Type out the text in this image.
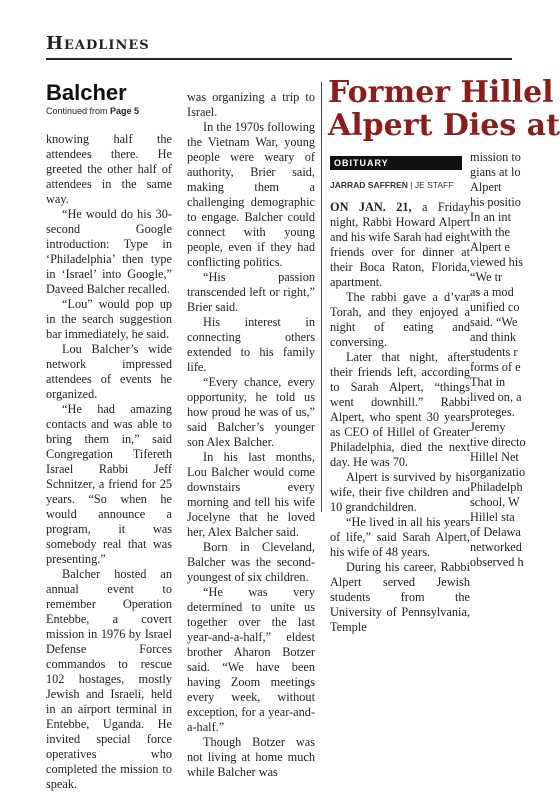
Headlines
Balcher
Continued from Page 5

knowing half the attendees there. He greeted the other half of attendees in the same way.

“He would do his 30-second Google introduction: Type in ‘Philadelphia’ then type in ‘Israel’ into Google,” Daveed Balcher recalled.

“Lou” would pop up in the search suggestion bar immediately, he said.

Lou Balcher’s wide network impressed attendees of events he organized.

“He had amazing contacts and was able to bring them in,” said Congregation Tifereth Israel Rabbi Jeff Schnitzer, a friend for 25 years. “So when he would announce a program, it was somebody real that was presenting.”

Balcher hosted an annual event to remember Operation Entebbe, a covert mission in 1976 by Israel Defense Forces commandos to rescue 102 hostages, mostly Jewish and Israeli, held in an airport terminal in Entebbe, Uganda. He invited special force operatives who completed the mission to speak.

was organizing a trip to Israel.

In the 1970s following the Vietnam War, young people were weary of authority, Brier said, making them a challenging demographic to engage. Balcher could connect with young people, even if they had conflicting politics.

“His passion transcended left or right,” Brier said.

His interest in connecting others extended to his family life.

“Every chance, every opportunity, he told us how proud he was of us,” said Balcher’s younger son Alex Balcher.

In his last months, Lou Balcher would come downstairs every morning and tell his wife Jocelyne that he loved her, Alex Balcher said.

Born in Cleveland, Balcher was the second-youngest of six children.

“He was very determined to unite us together over the last year-and-a-half,” eldest brother Aharon Botzer said. “We have been having Zoom meetings every week, without exception, for a year-and-a-half.”

Though Botzer was not living at home much while Balcher was

Former Hillel
Alpert Dies at
OBITUARY
JARRAD SAFFREN | JE STAFF

ON JAN. 21, a Friday night, Rabbi Howard Alpert and his wife Sarah had eight friends over for dinner at their Boca Raton, Florida, apartment.

The rabbi gave a d’var Torah, and they enjoyed a night of eating and conversing.

Later that night, after their friends left, according to Sarah Alpert, “things went downhill.” Rabbi Alpert, who spent 30 years as CEO of Hillel of Greater Philadelphia, died the next day. He was 70.

Alpert is survived by his wife, their five children and 10 grandchildren.

“He lived in all his years of life,” said Sarah Alpert, his wife of 48 years.

During his career, Rabbi Alpert served Jewish students from the University of Pennsylvania, Temple

mission to

gians at lo

Alpert

his positio

In an int

with the

Alpert e

viewed his

“We tr

as a mod

unified co

said. “We

and think

students r

forms of e

That in

lived on, a

proteges.

Jeremy

tive directo

Hillel Net

organizatio

Philadelph

school, W

Hillel sta

of Delawa

networked

observed h
